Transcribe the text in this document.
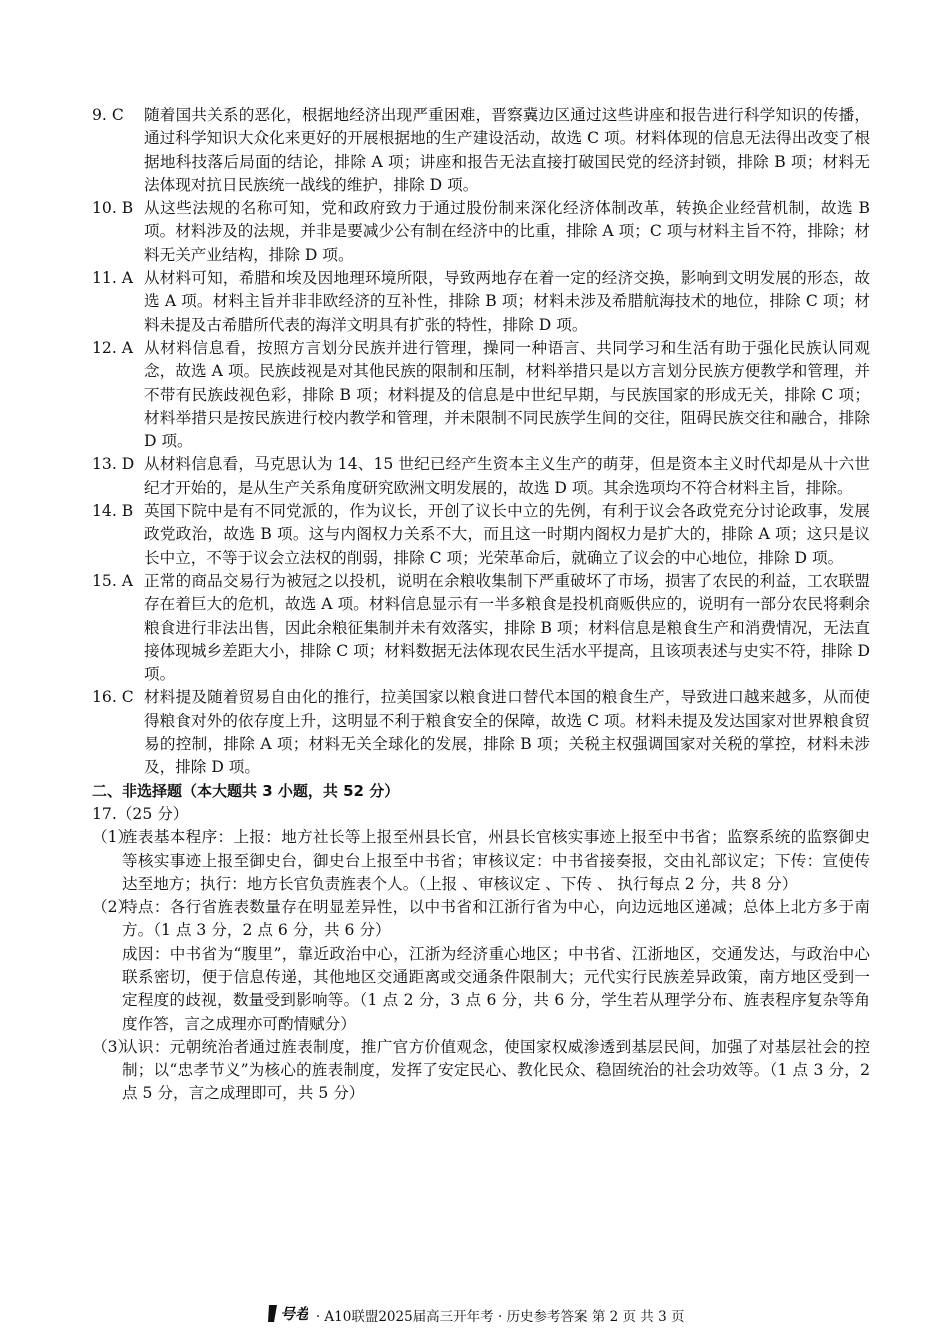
9. C	随着国共关系的恶化，根据地经济出现严重困难，晋察冀边区通过这些讲座和报告进行科学知识的传播，通过科学知识大众化来更好的开展根据地的生产建设活动，故选 C 项。材料体现的信息无法得出改变了根据地科技落后局面的结论，排除 A 项；讲座和报告无法直接打破国民党的经济封锁，排除 B 项；材料无法体现对抗日民族统一战线的维护，排除 D 项。
10. B 从这些法规的名称可知，党和政府致力于通过股份制来深化经济体制改革，转换企业经营机制，故选 B 项。材料涉及的法规，并非是要减少公有制在经济中的比重，排除 A 项；C 项与材料主旨不符，排除；材料无关产业结构，排除 D 项。
11. A 从材料可知，希腊和埃及因地理环境所限，导致两地存在着一定的经济交换，影响到文明发展的形态，故选 A 项。材料主旨并非非欧经济的互补性，排除 B 项；材料未涉及希腊航海技术的地位，排除 C 项；材料未提及古希腊所代表的海洋文明具有扩张的特性，排除 D 项。
12. A 从材料信息看，按照方言划分民族并进行管理，操同一种语言、共同学习和生活有助于强化民族认同观念，故选 A 项。民族歧视是对其他民族的限制和压制，材料举措只是以方言划分民族方便教学和管理，并不带有民族歧视色彩，排除 B 项；材料提及的信息是中世纪早期，与民族国家的形成无关，排除 C 项；材料举措只是按民族进行校内教学和管理，并未限制不同民族学生间的交往，阻碍民族交往和融合，排除 D 项。
13. D 从材料信息看，马克思认为 14、15 世纪已经产生资本主义生产的萌芽，但是资本主义时代却是从十六世纪才开始的，是从生产关系角度研究欧洲文明发展的，故选 D 项。其余选项均不符合材料主旨，排除。
14. B 英国下院中是有不同党派的，作为议长，开创了议长中立的先例，有利于议会各政党充分讨论政事，发展政党政治，故选 B 项。这与内阁权力关系不大，而且这一时期内阁权力是扩大的，排除 A 项；这只是议长中立，不等于议会立法权的削弱，排除 C 项；光荣革命后，就确立了议会的中心地位，排除 D 项。
15. A 正常的商品交易行为被冠之以投机，说明在余粮收集制下严重破坏了市场，损害了农民的利益，工农联盟存在着巨大的危机，故选 A 项。材料信息显示有一半多粮食是投机商贩供应的，说明有一部分农民将剩余粮食进行非法出售，因此余粮征集制并未有效落实，排除 B 项；材料信息是粮食生产和消费情况，无法直接体现城乡差距大小，排除 C 项；材料数据无法体现农民生活水平提高，且该项表述与史实不符，排除 D 项。
16. C 材料提及随着贸易自由化的推行，拉美国家以粮食进口替代本国的粮食生产，导致进口越来越多，从而使得粮食对外的依存度上升，这明显不利于粮食安全的保障，故选 C 项。材料未提及发达国家对世界粮食贸易的控制，排除 A 项；材料无关全球化的发展，排除 B 项；关税主权强调国家对关税的掌控，材料未涉及，排除 D 项。
二、非选择题（本大题共 3 小题，共 52 分）
17.（25 分）
（1）

旌表基本程序：上报：地方社长等上报至州县长官，州县长官核实事迹上报至中书省；监察系统的监察御史等核实事迹上报至御史台，御史台上报至中书省；审核议定：中书省接奏报，交由礼部议定；下传：宣使传达至地方；执行：地方长官负责旌表个人。（上报 、审核议定 、下传 、 执行每点 2 分，共 8 分）

（2）

特点：各行省旌表数量存在明显差异性，以中书省和江浙行省为中心，向边远地区递减；总体上北方多于南方。（1 点 3 分，2 点 6 分，共 6 分）

成因：中书省为“腹里”，靠近政治中心，江浙为经济重心地区；中书省、江浙地区，交通发达，与政治中心联系密切，便于信息传递，其他地区交通距离或交通条件限制大；元代实行民族差异政策，南方地区受到一定程度的歧视，数量受到影响等。（1 点 2 分，3 点 6 分，共 6 分，学生若从理学分布、旌表程序复杂等角度作答，言之成理亦可酌情赋分）

（3）

认识：元朝统治者通过旌表制度，推广官方价值观念，使国家权威渗透到基层民间，加强了对基层社会的控制；以“忠孝节义”为核心的旌表制度，发挥了安定民心、教化民众、稳固统治的社会功效等。（1 点 3 分，2 点 5 分，言之成理即可，共 5 分）

号卷 · A10联盟2025届高三开年考 · 历史参考答案 第 2 页 共 3 页
